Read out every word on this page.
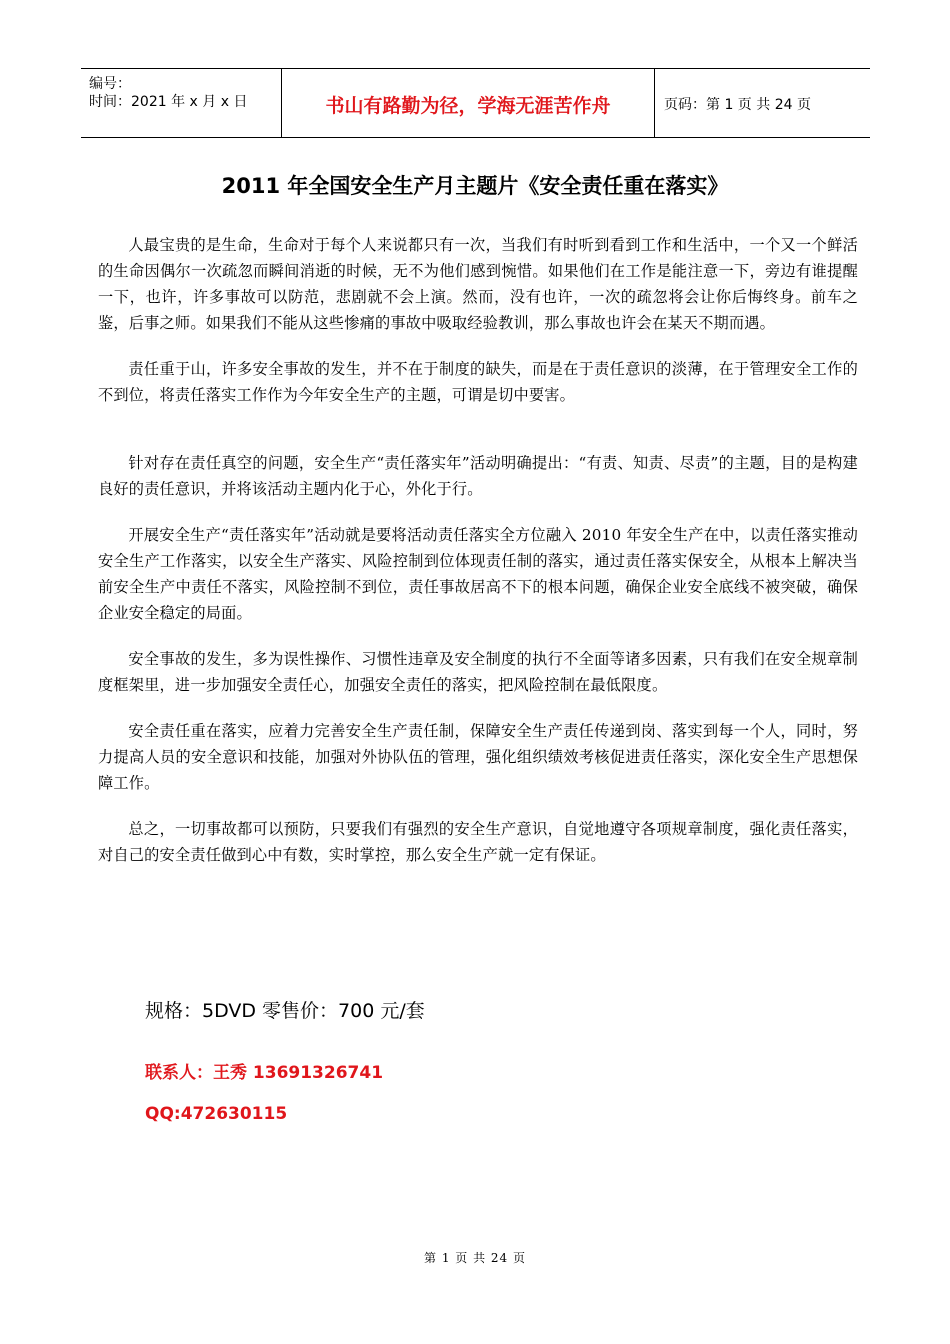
编号：
时间：2021 年 x 月 x 日	书山有路勤为径，学海无涯苦作舟	页码：第 1 页 共 24 页
2011 年全国安全生产月主题片《安全责任重在落实》

人最宝贵的是生命，生命对于每个人来说都只有一次，当我们有时听到看到工作和生活中，一个又一个鲜活的生命因偶尔一次疏忽而瞬间消逝的时候，无不为他们感到惋惜。如果他们在工作是能注意一下，旁边有谁提醒一下，也许，许多事故可以防范，悲剧就不会上演。然而，没有也许，一次的疏忽将会让你后悔终身。前车之鉴，后事之师。如果我们不能从这些惨痛的事故中吸取经验教训，那么事故也许会在某天不期而遇。

责任重于山，许多安全事故的发生，并不在于制度的缺失，而是在于责任意识的淡薄，在于管理安全工作的不到位，将责任落实工作作为今年安全生产的主题，可谓是切中要害。

针对存在责任真空的问题，安全生产“责任落实年”活动明确提出：“有责、知责、尽责”的主题，目的是构建良好的责任意识，并将该活动主题内化于心，外化于行。

开展安全生产“责任落实年”活动就是要将活动责任落实全方位融入 2010 年安全生产在中，以责任落实推动安全生产工作落实，以安全生产落实、风险控制到位体现责任制的落实，通过责任落实保安全，从根本上解决当前安全生产中责任不落实，风险控制不到位，责任事故居高不下的根本问题，确保企业安全底线不被突破，确保企业安全稳定的局面。

安全事故的发生，多为误性操作、习惯性违章及安全制度的执行不全面等诸多因素，只有我们在安全规章制度框架里，进一步加强安全责任心，加强安全责任的落实，把风险控制在最低限度。

安全责任重在落实，应着力完善安全生产责任制，保障安全生产责任传递到岗、落实到每一个人，同时，努力提高人员的安全意识和技能，加强对外协队伍的管理，强化组织绩效考核促进责任落实，深化安全生产思想保障工作。

总之，一切事故都可以预防，只要我们有强烈的安全生产意识，自觉地遵守各项规章制度，强化责任落实，对自己的安全责任做到心中有数，实时掌控，那么安全生产就一定有保证。

规格：5DVD 零售价：700 元/套
联系人：王秀 13691326741
QQ:472630115
第 1 页 共 24 页
